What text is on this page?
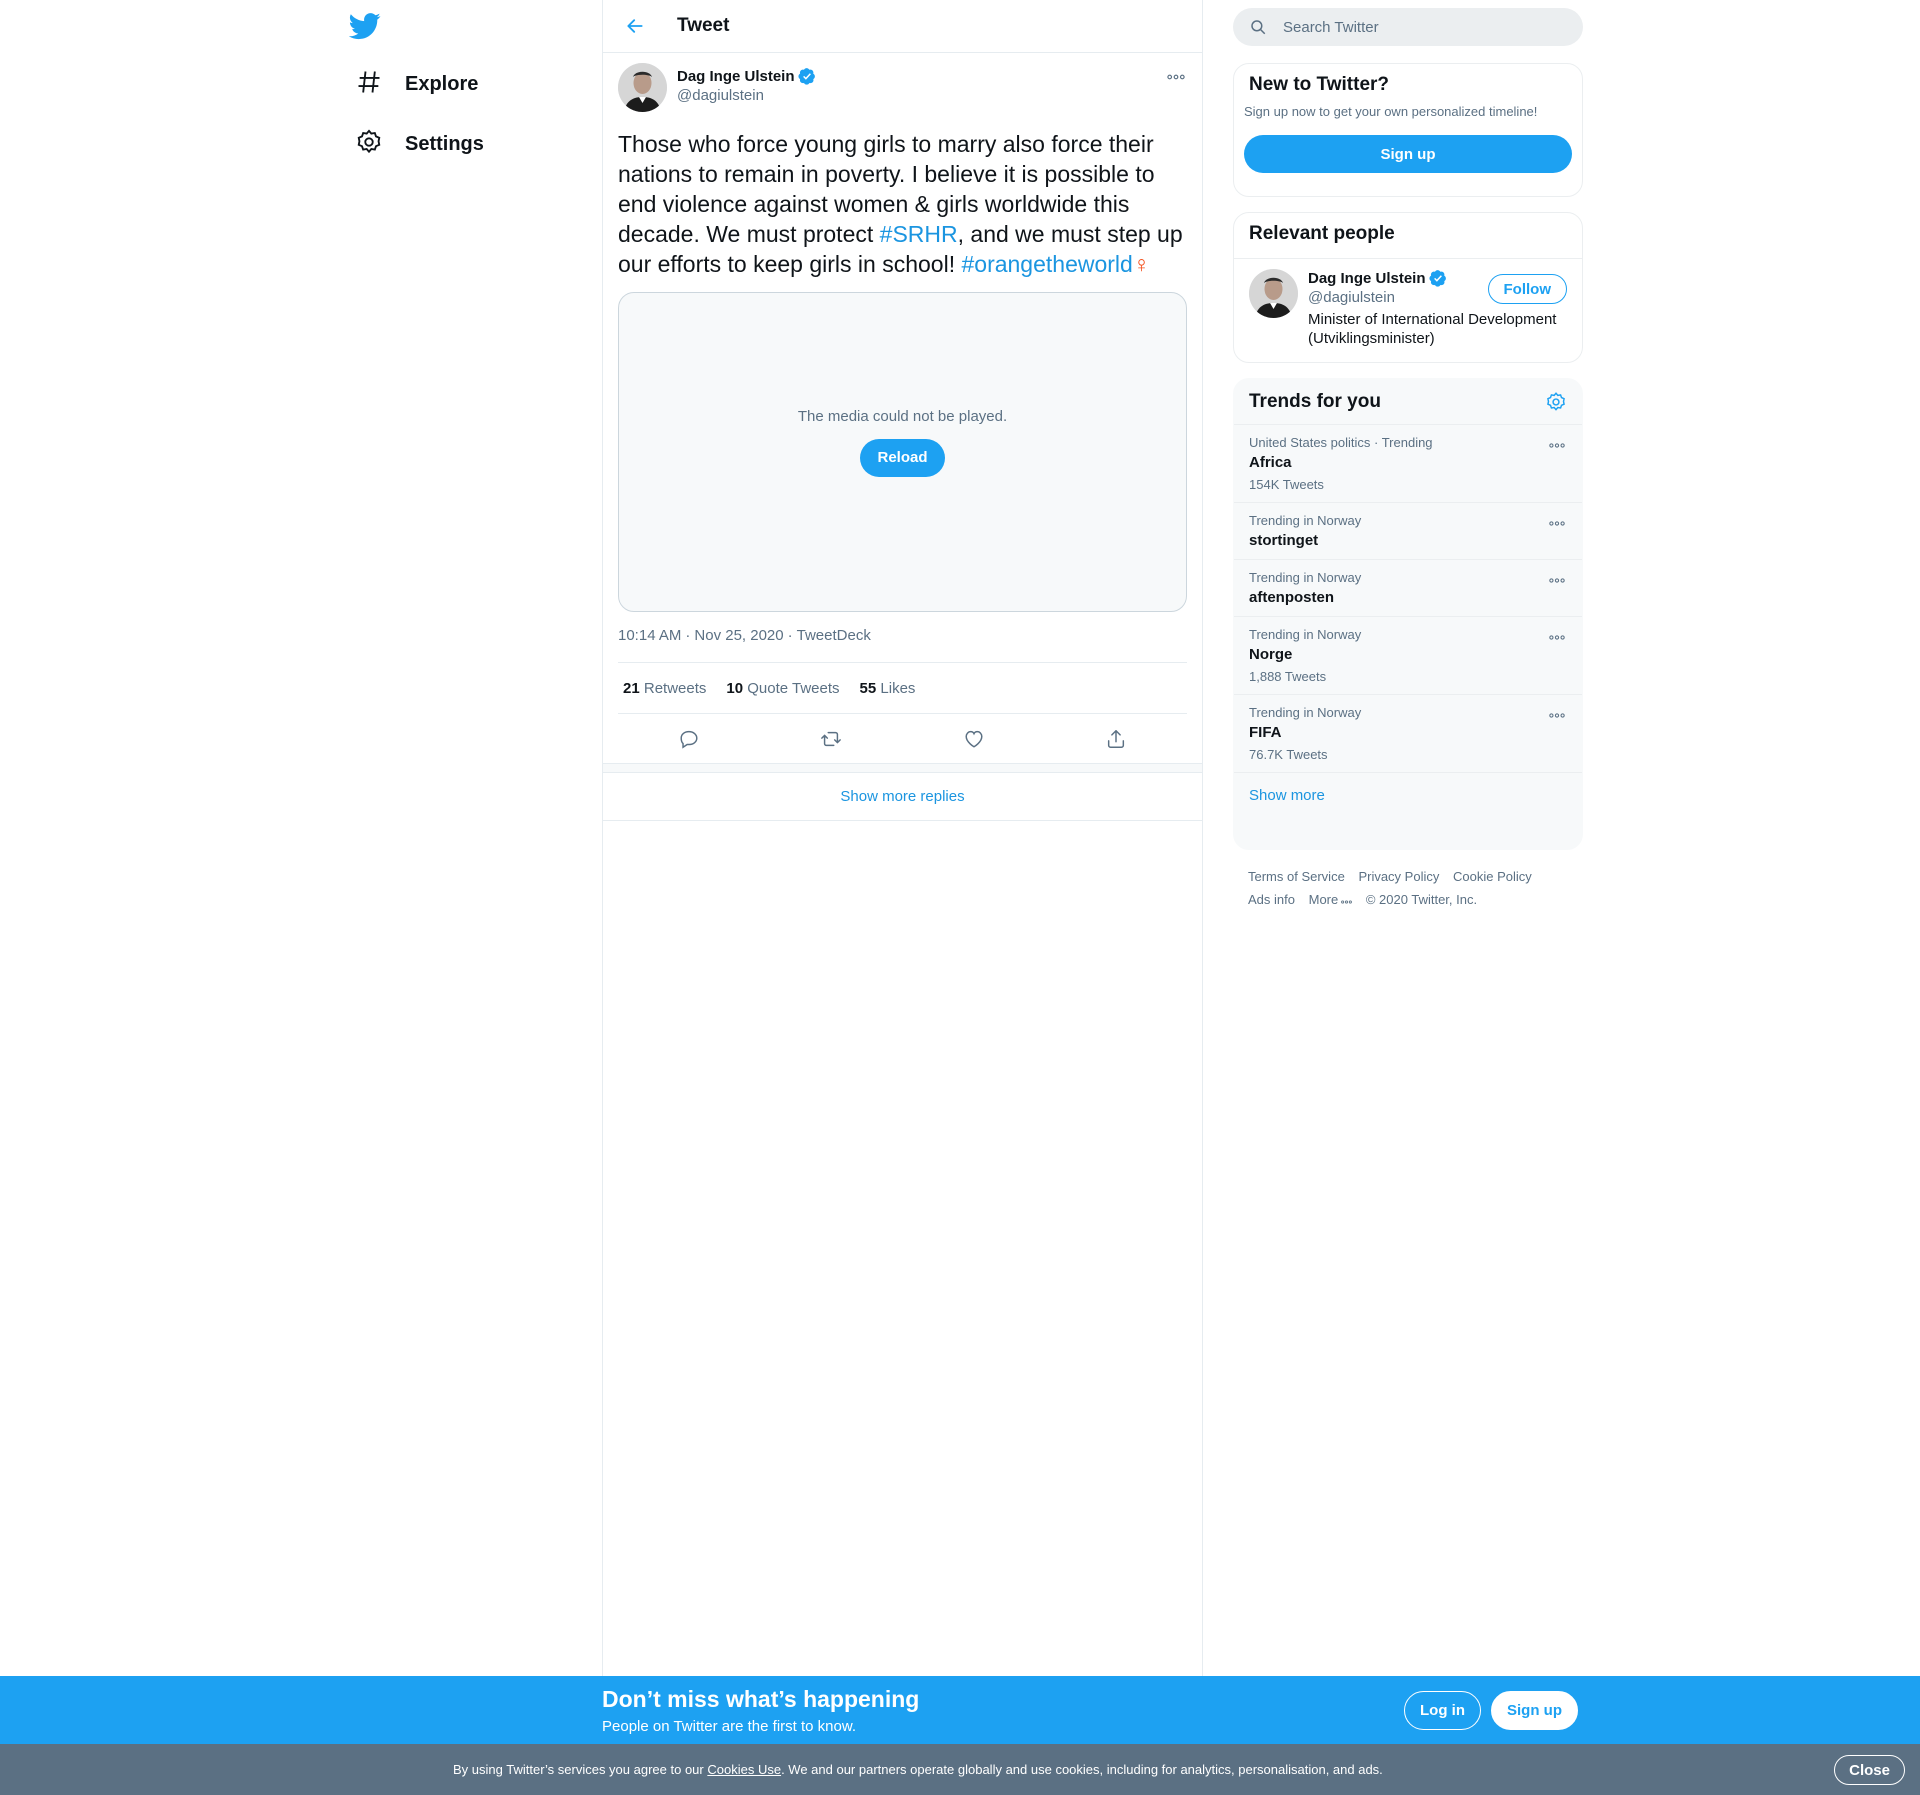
Explore
Settings
Tweet
Dag Inge Ulstein
@dagiulstein
Those who force young girls to marry also force their nations to remain in poverty. I believe it is possible to end violence against women & girls worldwide this decade. We must protect #SRHR, and we must step up our efforts to keep girls in school! #orangetheworld♀
The media could not be played.
Reload
10:14 AM · Nov 25, 2020 · TweetDeck
21 Retweets 10 Quote Tweets 55 Likes
Show more replies
Search Twitter
New to Twitter?
Sign up now to get your own personalized timeline!
Sign up
Relevant people
Dag Inge Ulstein
@dagiulstein
Minister of International Development (Utviklingsminister)
Follow
Trends for you
United States politics · Trending
Africa
154K Tweets
Trending in Norway
stortinget
Trending in Norway
aftenposten
Trending in Norway
Norge
1,888 Tweets
Trending in Norway
FIFA
76.7K Tweets
Show more
Terms of Service Privacy Policy Cookie Policy
Ads info More © 2020 Twitter, Inc.
Don’t miss what’s happening
People on Twitter are the first to know.
Log in	Sign up
By using Twitter’s services you agree to our Cookies Use. We and our partners operate globally and use cookies, including for analytics, personalisation, and ads.	Close
